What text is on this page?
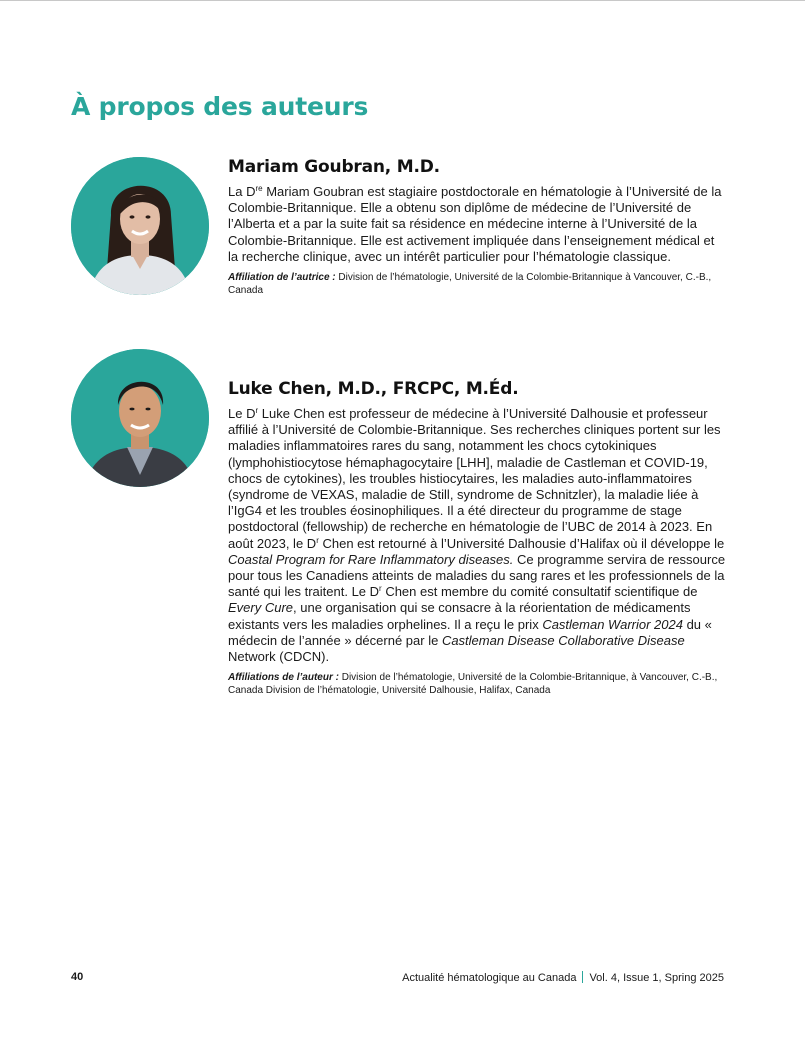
À propos des auteurs
Mariam Goubran, M.D.

La Dre Mariam Goubran est stagiaire postdoctorale en hématologie à l’Université de la Colombie-Britannique. Elle a obtenu son diplôme de médecine de l’Université de l’Alberta et a par la suite fait sa résidence en médecine interne à l’Université de la Colombie-Britannique. Elle est activement impliquée dans l’enseignement médical et la recherche clinique, avec un intérêt particulier pour l’hématologie classique.

Affiliation de l’autrice : Division de l’hématologie, Université de la Colombie-Britannique à Vancouver, C.-B., Canada

Luke Chen, M.D., FRCPC, M.Éd.

Le $D^r$ Luke Chen est professeur de médecine à l’Université Dalhousie et professeur affilié à l’Université de Colombie-Britannique. Ses recherches cliniques portent sur les maladies inflammatoires rares du sang, notamment les chocs cytokiniques (lymphohistiocytose hémaphagocytaire [LHH], maladie de Castleman et COVID-19, chocs de cytokines), les troubles histiocytaires, les maladies auto-inflammatoires (syndrome de VEXAS, maladie de Still, syndrome de Schnitzler), la maladie liée à l’IgG4 et les troubles éosinophiliques. Il a été directeur du programme de stage postdoctoral (fellowship) de recherche en hématologie de l’UBC de 2014 à 2023. En août 2023, le $D^r$ Chen est retourné à l’Université Dalhousie d’Halifax où il développe le Coastal Program for Rare Inflammatory diseases. Ce programme servira de ressource pour tous les Canadiens atteints de maladies du sang rares et les professionnels de la santé qui les traitent. Le $D^r$ Chen est membre du comité consultatif scientifique de Every Cure, une organisation qui se consacre à la réorientation de médicaments existants vers les maladies orphelines. Il a reçu le prix Castleman Warrior 2024 du « médecin de l’année » décerné par le Castleman Disease Collaborative Disease Network (CDCN).

Affiliations de l’auteur : Division de l’hématologie, Université de la Colombie-Britannique, à Vancouver, C.-B., Canada Division de l’hématologie, Université Dalhousie, Halifax, Canada

40	Actualité hématologique au Canada Vol. 4, Issue 1, Spring 2025
